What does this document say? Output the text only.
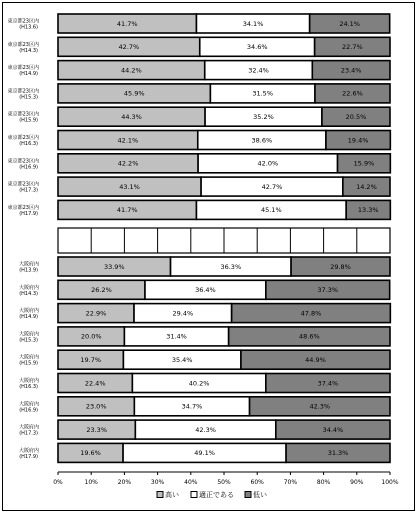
東京都23区内
(H13.6)	41.7%	34.1%	24.1%
東京都23区内
(H14.3)	42.7%	34.6%	22.7%
東京都23区内
(H14.9)	44.2%	32.4%	23.4%
東京都23区内
(H15.3)	45.9%	31.5%	22.6%
東京都23区内
(H15.9)	44.3%	35.2%	20.5%
東京都23区内
(H16.3)	42.1%	38.6%	19.4%
東京都23区内
(H16.9)	42.2%	42.0%	15.9%
東京都23区内
(H17.3)	43.1%	42.7%	14.2%
東京都23区内
(H17.9)	41.7%	45.1%	13.3%
大阪府内
(H13.9)	33.9%	36.3%	29.8%
大阪府内
(H14.3)	26.2%	36.4%	37.3%
大阪府内
(H14.9)	22.9%	29.4%	47.8%
大阪府内
(H15.3)	20.0%	31.4%	48.6%
大阪府内
(H15.9)	19.7%	35.4%	44.9%
大阪府内
(H16.3)	22.4%	40.2%	37.4%
大阪府内
(H16.9)	23.0%	34.7%	42.3%
大阪府内
(H17.3)	23.3%	42.3%	34.4%
大阪府内
(H17.9)	19.6%	49.1%	31.3%
0%	10%	20%	30%	40%	50%	60%	70%	80%	90%	100%
高い	適正である	低い
